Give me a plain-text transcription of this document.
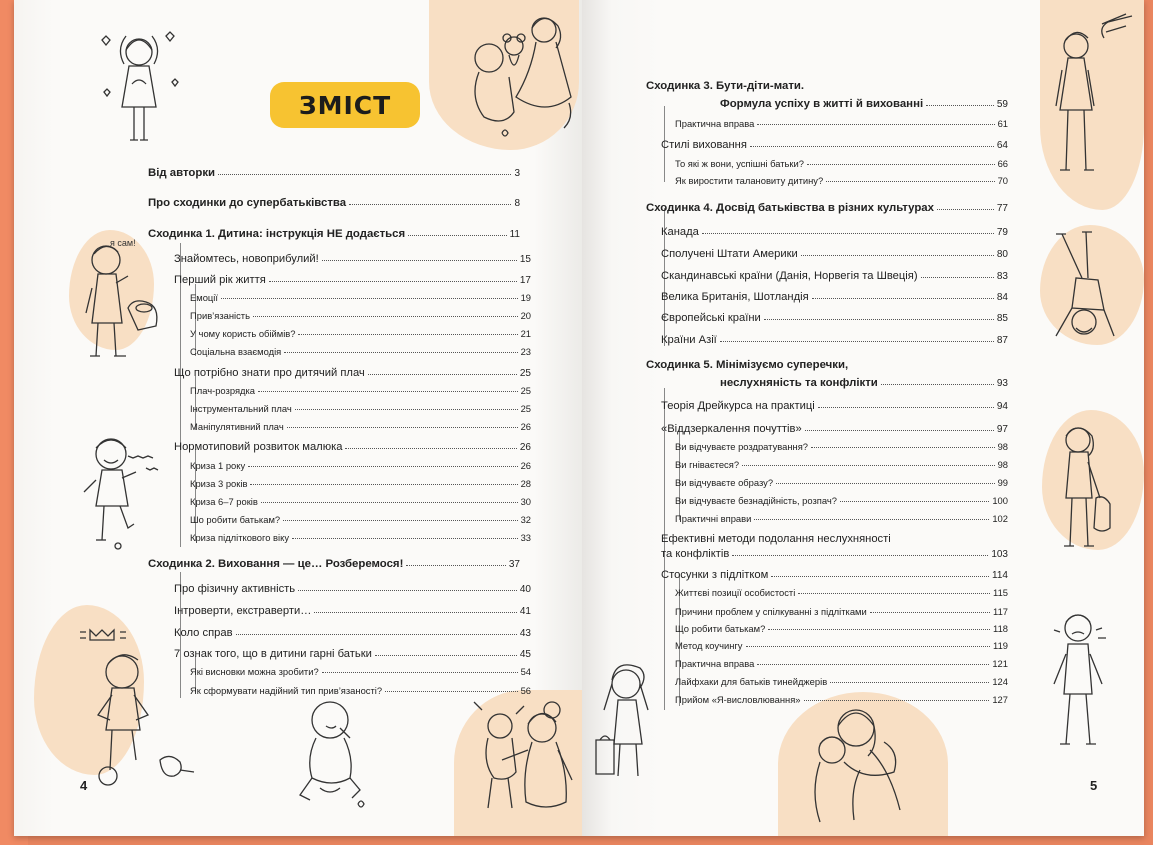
ЗМІСТ
я сам!
Від авторки	3
Про сходинки до супербатьківства	8
Сходинка 1. Дитина: інструкція НЕ додається	11
Знайомтесь, новоприбулий!	15
Перший рік життя	17
Емоції	19
Прив’язаність	20
У чому користь обіймів?	21
Соціальна взаємодія	23
Що потрібно знати про дитячий плач	25
Плач-розрядка	25
Інструментальний плач	25
Маніпулятивний плач	26
Нормотиповий розвиток малюка	26
Криза 1 року	26
Криза 3 років	28
Криза 6–7 років	30
Шо робити батькам?	32
Криза підліткового віку	33
Сходинка 2. Виховання — це… Розберемося!	37
Про фізичну активність	40
Інтроверти, екстраверти…	41
Коло справ	43
7 ознак того, що в дитини гарні батьки	45
Які висновки можна зробити?	54
Як сформувати надійний тип прив’язаності?	56
4
Сходинка 3. Бути-діти-мати.
Формула успіху в житті й вихованні	59
Практична вправа	61
Стилі виховання	64
То які ж вони, успішні батьки?	66
Як виростити талановиту дитину?	70
Сходинка 4. Досвід батьківства в різних культурах	77
Канада	79
Сполучені Штати Америки	80
Скандинавські країни (Данія, Норвегія та Швеція)	83
Велика Британія, Шотландія	84
Європейські країни	85
Країни Азії	87
Сходинка 5. Мінімізуємо суперечки,
неслухняність та конфлікти	93
Теорія Дрейкурса на практиці	94
«Віддзеркалення почуттів»	97
Ви відчуваєте роздратування?	98
Ви гніваєтеся?	98
Ви відчуваєте образу?	99
Ви відчуваєте безнадійність, розпач?	100
Практичні вправи	102
Ефективні методи подолання неслухняності
та конфліктів	103
Стосунки з підлітком	114
Життєві позиції особистості	115
Причини проблем у спілкуванні з підлітками	117
Що робити батькам?	118
Метод коучингу	119
Практична вправа	121
Лайфхаки для батьків тинейджерів	124
Прийом «Я-висловлювання»	127
5
